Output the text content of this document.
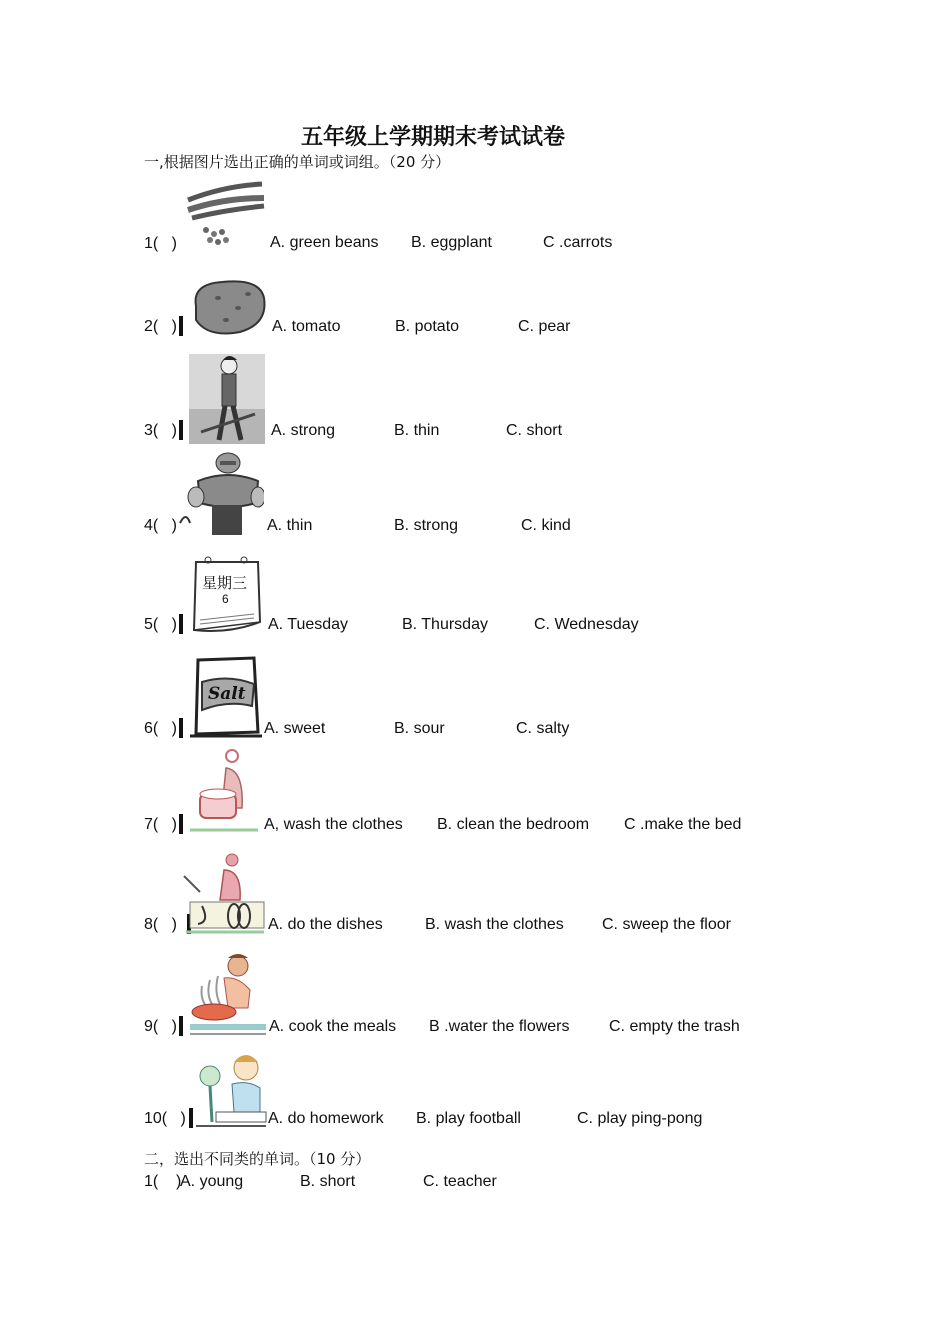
五年级上学期期末考试试卷
一,根据图片选出正确的单词或词组。（20 分）
1(   )	A. green beans B. eggplant	C .carrots
2(   )	A. tomato	B. potato	C. pear
3(   )	A. strong	B. thin	C. short
4(   )	A. thin	B. strong	C. kind
5(   )
星期三
6
A. Tuesday	B. Thursday	C. Wednesday
6(   )
Salt
A. sweet	B. sour	C. salty
7(   )	A, wash the clothes B. clean the bedroom C .make the bed
8(   )	A. do the dishes	B. wash the clothes C. sweep the floor
9(   )	A. cook the meals B .water the flowers C. empty the trash
10(   )	A. do homework B. play football	C. play ping-pong
二，选出不同类的单词。（10 分）
1(    )
A. young	B. short	C. teacher
